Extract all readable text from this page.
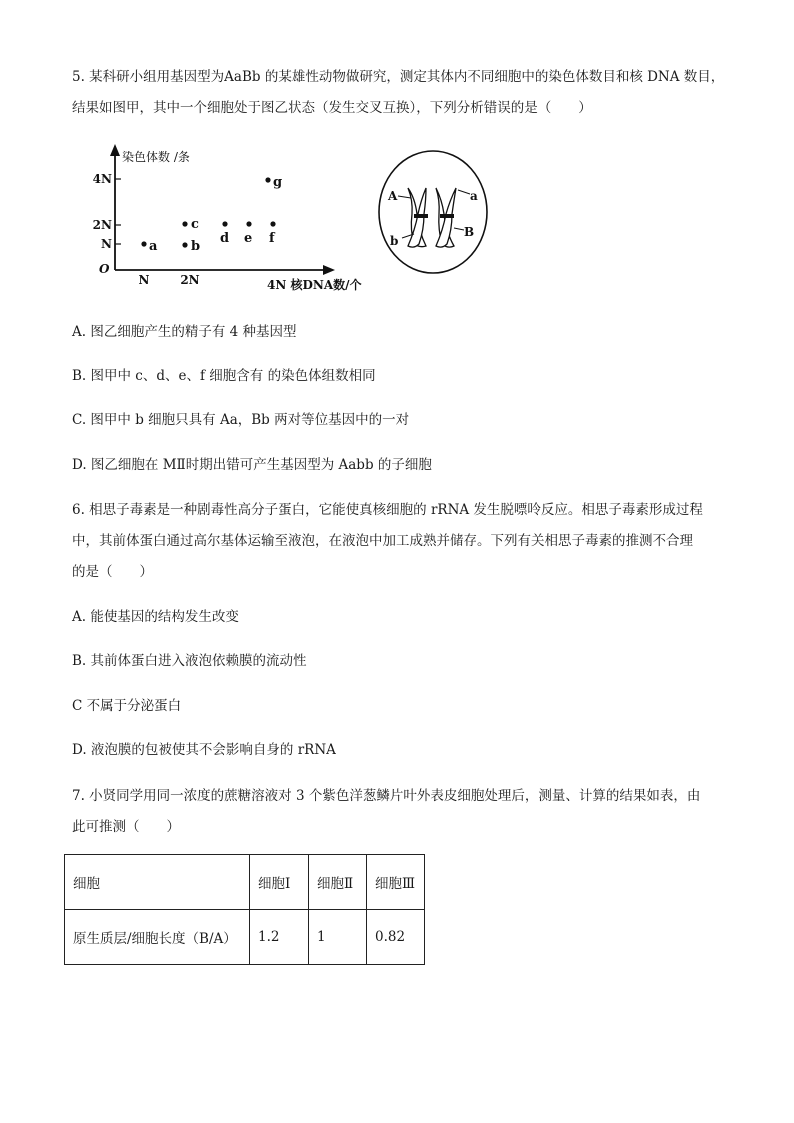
5. 某科研小组用基因型为AaBb 的某雄性动物做研究，测定其体内不同细胞中的染色体数目和核 DNA 数目，
结果如图甲，其中一个细胞处于图乙状态（发生交叉互换），下列分析错误的是（　　）
染色体数 /条
4N
2N
N
O
N	2N	4N 核DNA数/个
a	b
c
d e f
g
A	a
b
B
A. 图乙细胞产生的精子有 4 种基因型
B. 图甲中 c、d、e、f 细胞含有 的染色体组数相同
C. 图甲中 b 细胞只具有 Aa，Bb 两对等位基因中的一对
D. 图乙细胞在 MⅡ时期出错可产生基因型为 Aabb 的子细胞
6. 相思子毒素是一种剧毒性高分子蛋白，它能使真核细胞的 rRNA 发生脱嘌呤反应。相思子毒素形成过程
中，其前体蛋白通过高尔基体运输至液泡，在液泡中加工成熟并储存。下列有关相思子毒素的推测不合理
的是（　　）
A. 能使基因的结构发生改变
B. 其前体蛋白进入液泡依赖膜的流动性
C 不属于分泌蛋白
D. 液泡膜的包被使其不会影响自身的 rRNA
7. 小贤同学用同一浓度的蔗糖溶液对 3 个紫色洋葱鳞片叶外表皮细胞处理后，测量、计算的结果如表，由
此可推测（　　）
细胞	细胞Ⅰ	细胞Ⅱ	细胞Ⅲ
原生质层/细胞长度（B/A）	1.2	1	0.82
